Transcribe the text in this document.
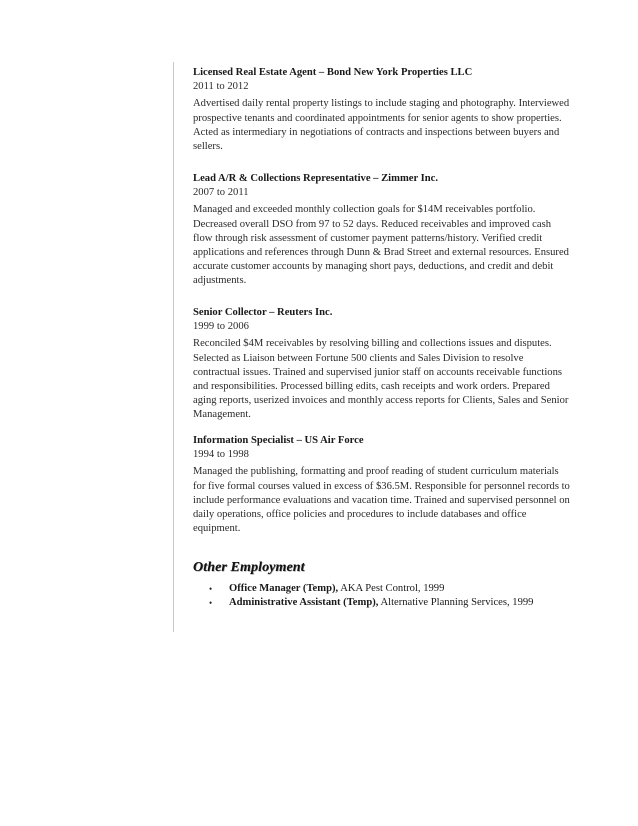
Licensed Real Estate Agent – Bond New York Properties LLC
2011 to 2012
Advertised daily rental property listings to include staging and photography. Interviewed prospective tenants and coordinated appointments for senior agents to show properties. Acted as intermediary in negotiations of contracts and inspections between buyers and sellers.
Lead A/R & Collections Representative – Zimmer Inc.
2007 to 2011
Managed and exceeded monthly collection goals for $14M receivables portfolio. Decreased overall DSO from 97 to 52 days. Reduced receivables and improved cash flow through risk assessment of customer payment patterns/history. Verified credit applications and references through Dunn & Brad Street and external resources. Ensured accurate customer accounts by managing short pays, deductions, and credit and debit adjustments.
Senior Collector – Reuters Inc.
1999 to 2006
Reconciled $4M receivables by resolving billing and collections issues and disputes. Selected as Liaison between Fortune 500 clients and Sales Division to resolve contractual issues. Trained and supervised junior staff on accounts receivable functions and responsibilities. Processed billing edits, cash receipts and work orders. Prepared aging reports, userized invoices and monthly access reports for Clients, Sales and Senior Management.
Information Specialist – US Air Force
1994 to 1998
Managed the publishing, formatting and proof reading of student curriculum materials for five formal courses valued in excess of $36.5M. Responsible for personnel records to include performance evaluations and vacation time. Trained and supervised personnel on daily operations, office policies and procedures to include databases and office equipment.
Other Employment
• Office Manager (Temp), AKA Pest Control, 1999
• Administrative Assistant (Temp), Alternative Planning Services, 1999
